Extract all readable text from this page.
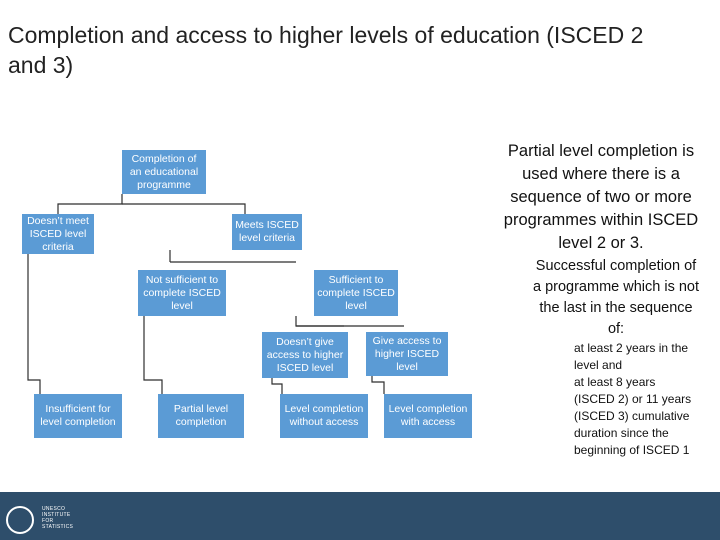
Completion and access to higher levels of education (ISCED 2 and 3)
Completion of an educational programme
Doesn’t meet ISCED level criteria
Meets ISCED level criteria
Not sufficient to complete ISCED level
Sufficient to complete ISCED level
Doesn’t give access to higher ISCED level
Give access to higher ISCED level
Insufficient for level completion
Partial level completion
Level completion without access
Level completion with access
Partial level completion is used where there is a sequence of two or more programmes within ISCED level 2 or 3.
Successful completion of a programme which is not the last in the sequence of:
at least 2 years in the
level and
at least 8 years
(ISCED 2) or 11 years
(ISCED 3) cumulative
duration since the
beginning of ISCED 1
UNESCO
INSTITUTE
FOR
STATISTICS
